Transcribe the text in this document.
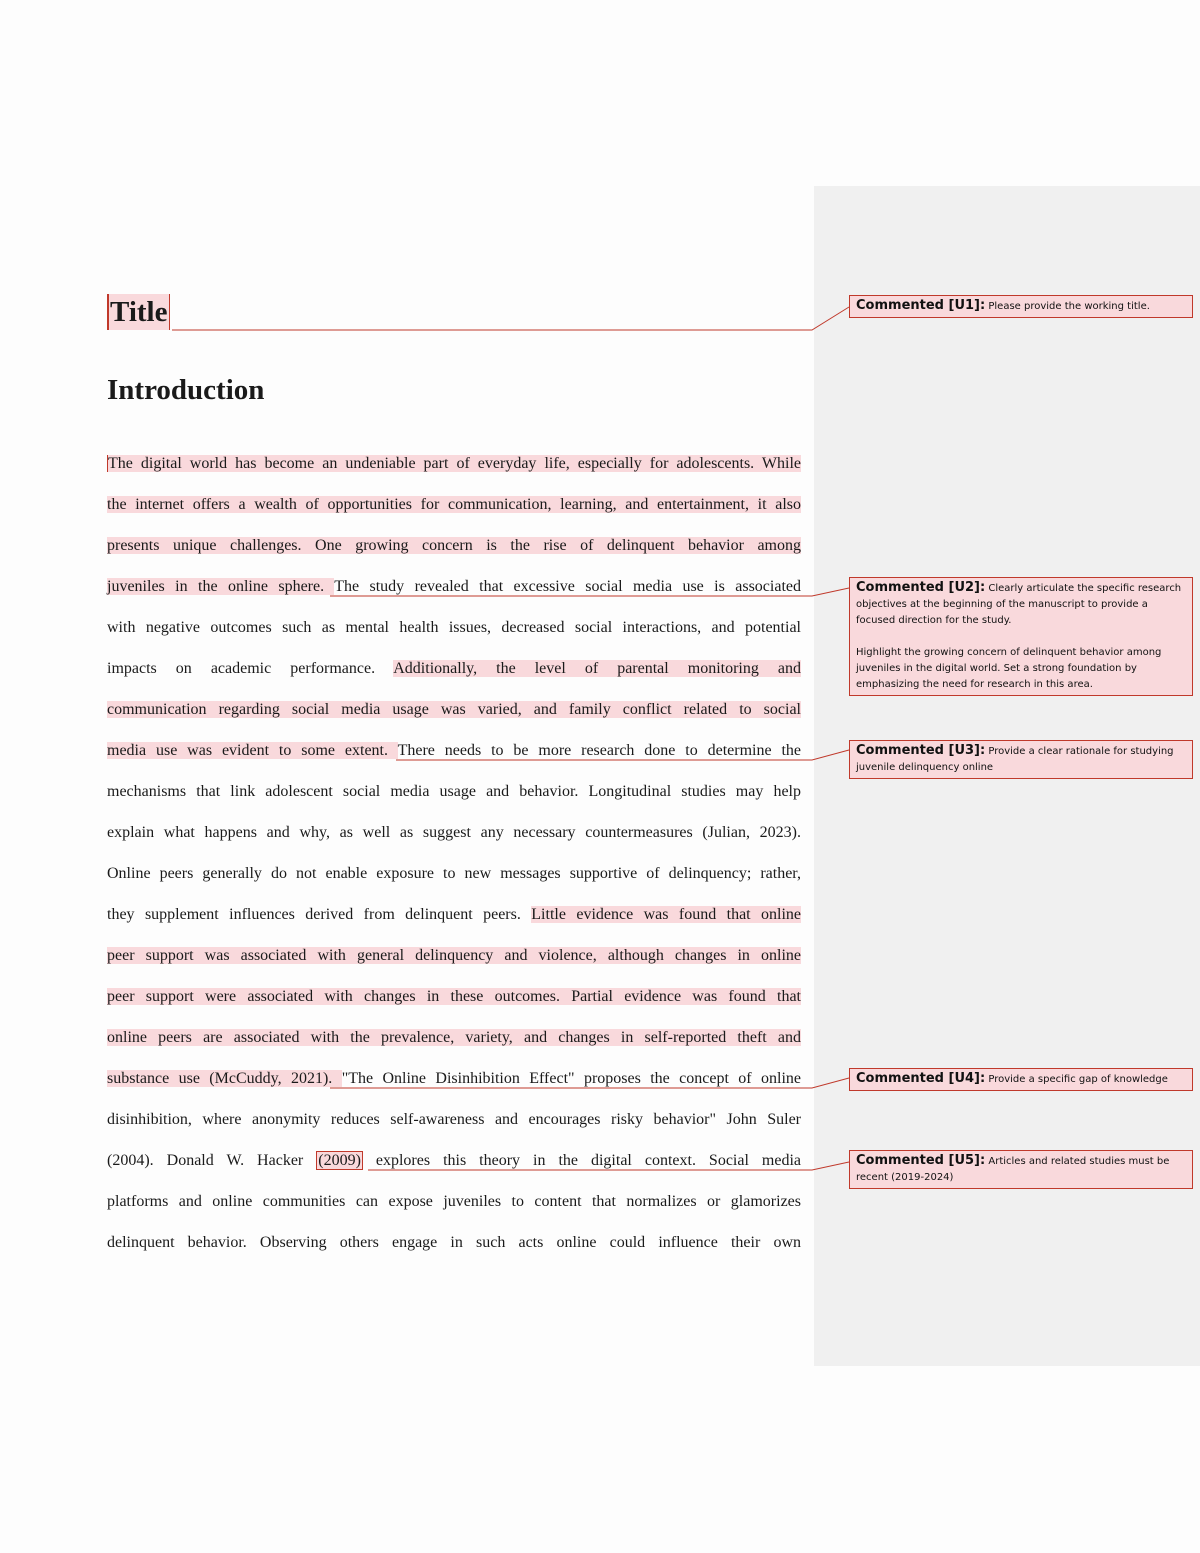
Title
Introduction
The digital world has become an undeniable part of everyday life, especially for adolescents. While
the internet offers a wealth of opportunities for communication, learning, and entertainment, it also
presents unique challenges. One growing concern is the rise of delinquent behavior among
juveniles in the online sphere. The study revealed that excessive social media use is associated
with negative outcomes such as mental health issues, decreased social interactions, and potential
impacts on academic performance. Additionally, the level of parental monitoring and
communication regarding social media usage was varied, and family conflict related to social
media use was evident to some extent. There needs to be more research done to determine the
mechanisms that link adolescent social media usage and behavior. Longitudinal studies may help
explain what happens and why, as well as suggest any necessary countermeasures (Julian, 2023).
Online peers generally do not enable exposure to new messages supportive of delinquency; rather,
they supplement influences derived from delinquent peers. Little evidence was found that online
peer support was associated with general delinquency and violence, although changes in online
peer support were associated with changes in these outcomes. Partial evidence was found that
online peers are associated with the prevalence, variety, and changes in self-reported theft and
substance use (McCuddy, 2021). "The Online Disinhibition Effect" proposes the concept of online
disinhibition, where anonymity reduces self-awareness and encourages risky behavior" John Suler
(2004). Donald W. Hacker (2009) explores this theory in the digital context. Social media
platforms and online communities can expose juveniles to content that normalizes or glamorizes
delinquent behavior. Observing others engage in such acts online could influence their own

Commented [U1]: Please provide the working title.

Commented [U2]: Clearly articulate the specific research objectives at the beginning of the manuscript to provide a focused direction for the study.

Highlight the growing concern of delinquent behavior among juveniles in the digital world. Set a strong foundation by emphasizing the need for research in this area.

Commented [U3]: Provide a clear rationale for studying juvenile delinquency online

Commented [U4]: Provide a specific gap of knowledge

Commented [U5]: Articles and related studies must be recent (2019-2024)
